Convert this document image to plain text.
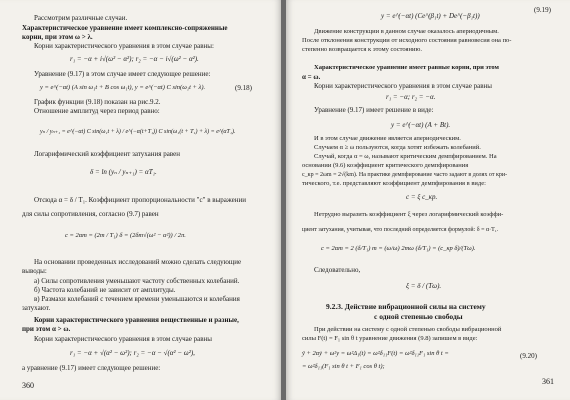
Рассмотрим различные случаи.
Характеристическое уравнение имеет комплексно-сопряженные
корни, при этом ω > λ.
Корни характеристического уравнения в этом случае равны:
r₁ = −α + i√(ω² − α²); r₂ = −α − i√(ω² − α²).
Уравнение (9.17) в этом случае имеет следующее решение:
y = e^(−αt) (A sin ω₁t + B cos ω₁t), y = e^(−αt) C sin(ω₁t + λ).	(9.18)
График функции (9.18) показан на рис.9.2.
Отношение амплитуд через период равно:
yₙ / yₙ₊₁ = e^(−αt) C sin(ω₁t + λ) / e^(−α(t+T₁)) C sin(ω₁(t + T₁) + λ) = e^(αT₁).
Логарифмический коэффициент затухания равен
δ = ln (yₙ / yₙ₊₁) = αT₁.
Отсюда α = δ / T₁. Коэффициент пропорциональности "c" в выражении
для силы сопротивления, согласно (9.7) равен
c = 2αm = (2m / T₁) δ = (2δm√(ω² − α²)) / 2π.
На основании проведенных исследований можно сделать следующие
выводы:
а) Силы сопротивления уменьшают частоту собственных колебаний.
б) Частота колебаний не зависит от амплитуды.
в) Размахи колебаний с течением времени уменьшаются и колебания
затухают.
Корни характеристического уравнения вещественные и разные,
при этом α > ω.
Корни характеристического уравнения в этом случае равны
r₁ = −α + √(α² − ω²); r₂ = −α − √(α² − ω²),
а уравнение (9.17) имеет следующее решение:
360
y = e^(−αt) (Ce^(β₁t) + De^(−β₁t))
(9.19)
Движение конструкции в данном случае оказалось апериодичным.
После отклонения конструкции от исходного состояния равновесия она по-
степенно возвращается к этому состоянию.
Характеристическое уравнение имеет равные корни, при этом
α = ω.
Корни характеристического уравнения в этом случае равны
r₁ = −α; r₂ = −α.
Уравнение (9.17) имеет решение в виде:
y = e^(−αt) (A + Bt).
И в этом случае движение является апериодическим.
Случаем α ≥ ω пользуются, когда хотят избежать колебаний.
Случай, когда α = ω, называют критическим демпфированием. На
основании (9.6) коэффициент критического демпфирования
c_кр = 2ωm = 2√(km). На практике демпфирование часто задают в долях от кри-
тического, т.е. представляют коэффициент демпфирования в виде:
c = ξ c_кр.
Нетрудно выразить коэффициент ξ через логарифмический коэффи-
циент затухания, учитывая, что последний определяется формулой: δ = α·T₁.
c = 2αm = 2 (δ/T₁) m = (ω/ω) 2mω (δ/T₁) = (c_кр δ)/(Tω).
Следовательно,
ξ = δ / (Tω).
9.2.3. Действие вибрационной силы на систему
с одной степенью свободы
При действии на систему с одной степенью свободы вибрационной
силы F(t) = F₁ sin θ t уравнение движения (9.8) запишем в виде:
ÿ + 2αẏ + ω²y = ω²Δ₁(t) = ω²δ₁₁F(t) = ω²δ₁₁F₁ sin θ t =	(9.20)
= ω²δ₁₁(F₁ sin θ t + F₁ cos θ t);
361
